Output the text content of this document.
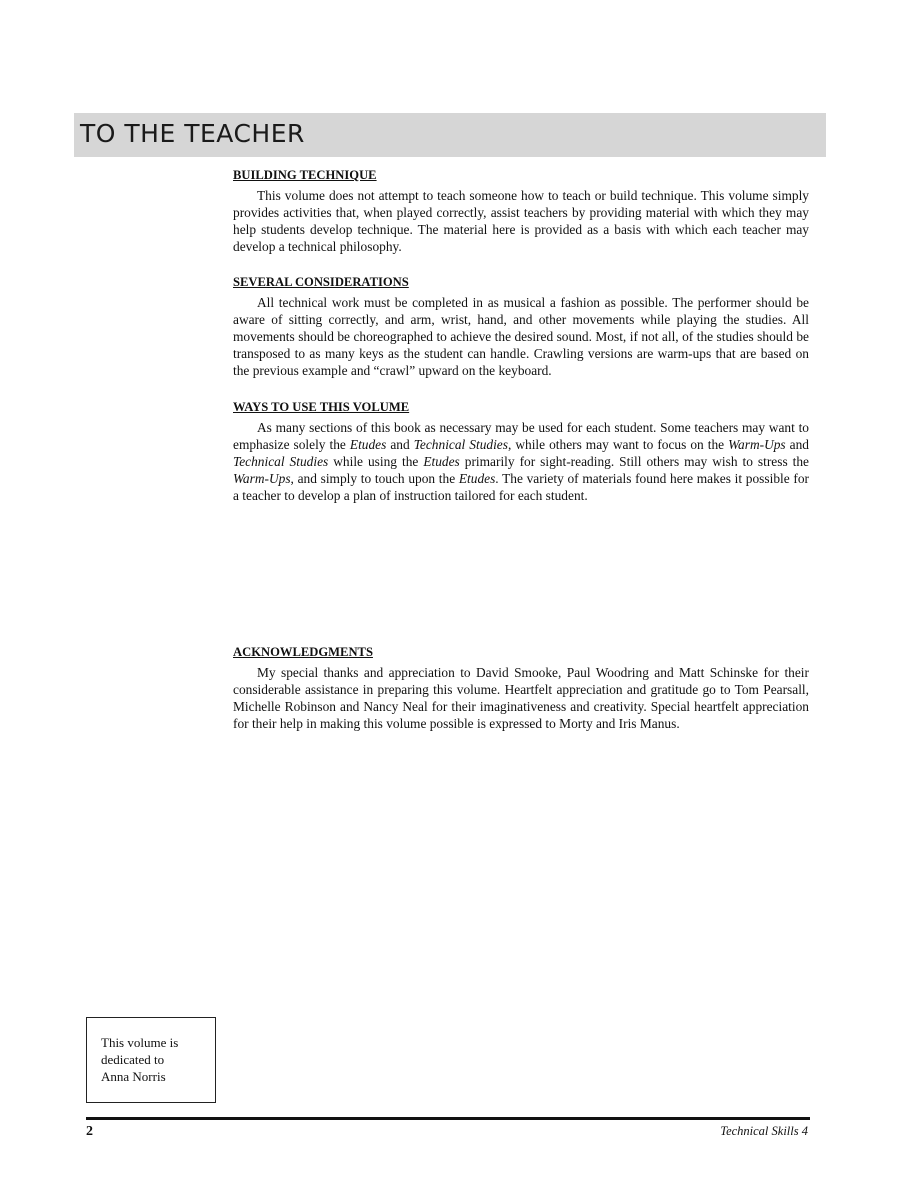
TO THE TEACHER
BUILDING TECHNIQUE

This volume does not attempt to teach someone how to teach or build technique. This volume simply provides activities that, when played correctly, assist teachers by providing material with which they may help students develop technique. The material here is provided as a basis with which each teacher may develop a technical philosophy.

SEVERAL CONSIDERATIONS

All technical work must be completed in as musical a fashion as possible. The performer should be aware of sitting correctly, and arm, wrist, hand, and other movements while playing the studies. All movements should be choreographed to achieve the desired sound. Most, if not all, of the studies should be transposed to as many keys as the student can handle. Crawling versions are warm-ups that are based on the previous example and “crawl” upward on the keyboard.

WAYS TO USE THIS VOLUME

As many sections of this book as necessary may be used for each student. Some teachers may want to emphasize solely the Etudes and Technical Studies, while others may want to focus on the Warm-Ups and Technical Studies while using the Etudes primarily for sight-reading. Still others may wish to stress the Warm-Ups, and simply to touch upon the Etudes. The variety of materials found here makes it possible for a teacher to develop a plan of instruction tailored for each student.

ACKNOWLEDGMENTS

My special thanks and appreciation to David Smooke, Paul Woodring and Matt Schinske for their considerable assistance in preparing this volume. Heartfelt appreciation and gratitude go to Tom Pearsall, Michelle Robinson and Nancy Neal for their imaginativeness and creativity. Special heartfelt appreciation for their help in making this volume possible is expressed to Morty and Iris Manus.

This volume is
dedicated to
Anna Norris
2	Technical Skills 4
